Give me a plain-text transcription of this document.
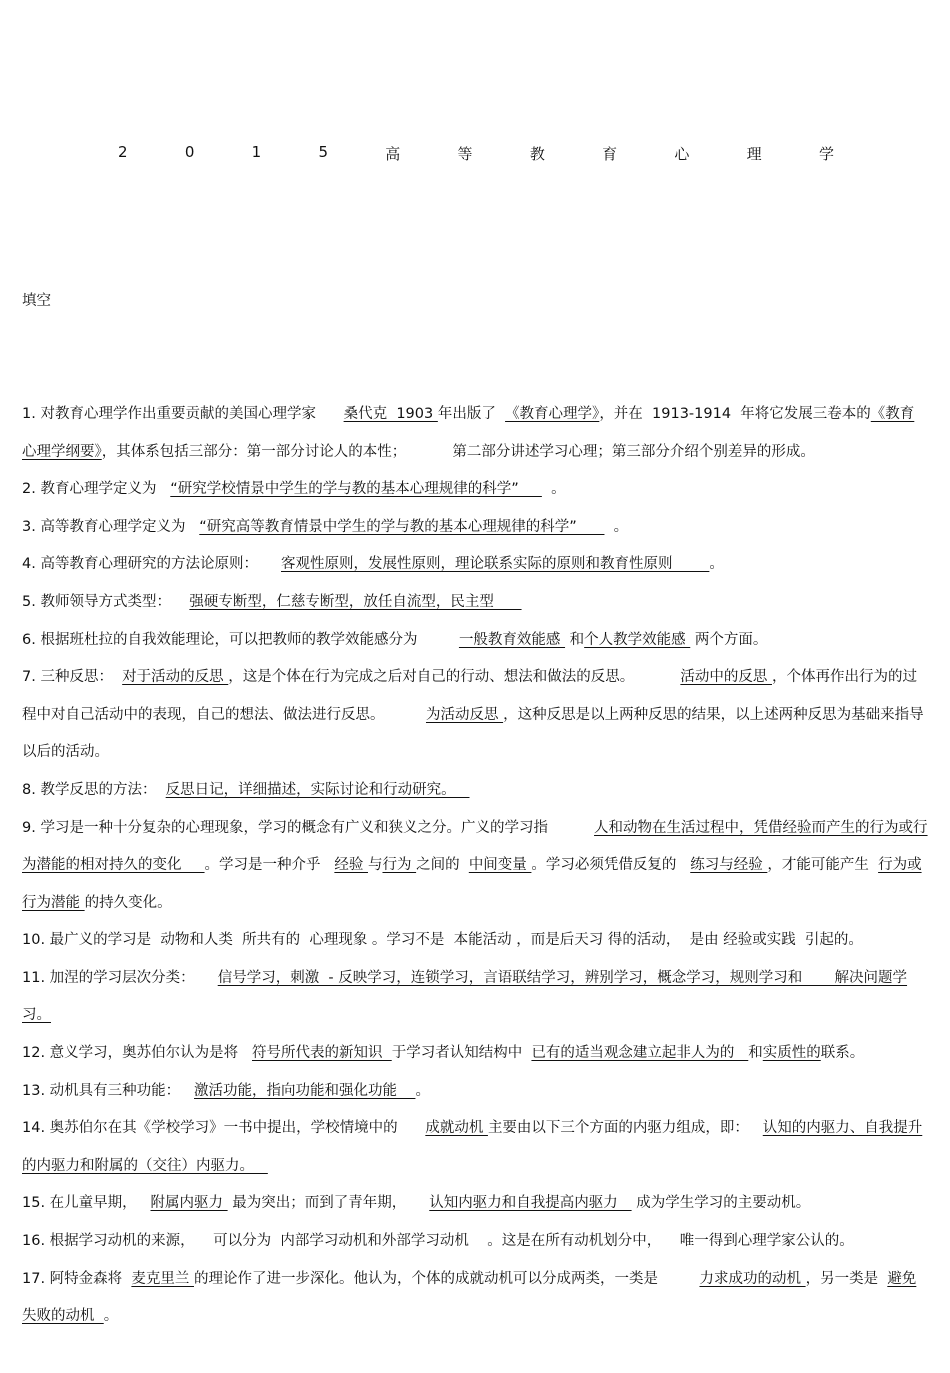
2	0	1	5	高	等	教	育	心	理	学

填空

1. 对教育心理学作出重要贡献的美国心理学家      桑代克  1903 年出版了  《教育心理学》，并在  1913-1914  年将它发展三卷本的《教育心理学纲要》，其体系包括三部分：第一部分讨论人的本性；          第二部分讲述学习心理；第三部分介绍个别差异的形成。

2. 教育心理学定义为   “研究学校情景中学生的学与教的基本心理规律的科学”       。

3. 高等教育心理学定义为   “研究高等教育情景中学生的学与教的基本心理规律的科学”        。

4. 高等教育心理研究的方法论原则：     客观性原则，发展性原则，理论联系实际的原则和教育性原则        。

5. 教师领导方式类型：    强硬专断型，仁慈专断型，放任自流型，民主型

6. 根据班杜拉的自我效能理论，可以把教师的教学效能感分为         一般教育效能感  和个人教学效能感  两个方面。

7. 三种反思：  对于活动的反思 ，这是个体在行为完成之后对自己的行动、想法和做法的反思。          活动中的反思 ，个体再作出行为的过程中对自己活动中的表现，自己的想法、做法进行反思。         为活动反思 ，这种反思是以上两种反思的结果，以上述两种反思为基础来指导以后的活动。

8. 教学反思的方法：  反思日记，详细描述，实际讨论和行动研究。

9. 学习是一种十分复杂的心理现象，学习的概念有广义和狭义之分。广义的学习指          人和动物在生活过程中，凭借经验而产生的行为或行为潜能的相对持久的变化     。学习是一种介乎   经验 与行为 之间的  中间变量 。学习必须凭借反复的   练习与经验 ，才能可能产生  行为或行为潜能 的持久变化。

10. 最广义的学习是  动物和人类  所共有的  心理现象 。学习不是  本能活动 ，而是后天习 得的活动，  是由 经验或实践  引起的。

11. 加涅的学习层次分类：     信号学习，刺激  - 反映学习，连锁学习，言语联结学习，辨别学习，概念学习，规则学习和       解决问题学习。

12. 意义学习，奥苏伯尔认为是将   符号所代表的新知识  于学习者认知结构中  已有的适当观念建立起非人为的   和实质性的联系。

13. 动机具有三种功能：   激活功能，指向功能和强化功能    。

14. 奥苏伯尔在其《学校学习》一书中提出，学校情境中的      成就动机 主要由以下三个方面的内驱力组成，即：   认知的内驱力、自我提升的内驱力和附属的（交往）内驱力。

15. 在儿童早期，   附属内驱力  最为突出；而到了青年期，     认知内驱力和自我提高内驱力    成为学生学习的主要动机。

16. 根据学习动机的来源，    可以分为  内部学习动机和外部学习动机    。这是在所有动机划分中，    唯一得到心理学家公认的。

17. 阿特金森将  麦克里兰 的理论作了进一步深化。他认为，个体的成就动机可以分成两类，一类是         力求成功的动机 ，另一类是  避免失败的动机  。
